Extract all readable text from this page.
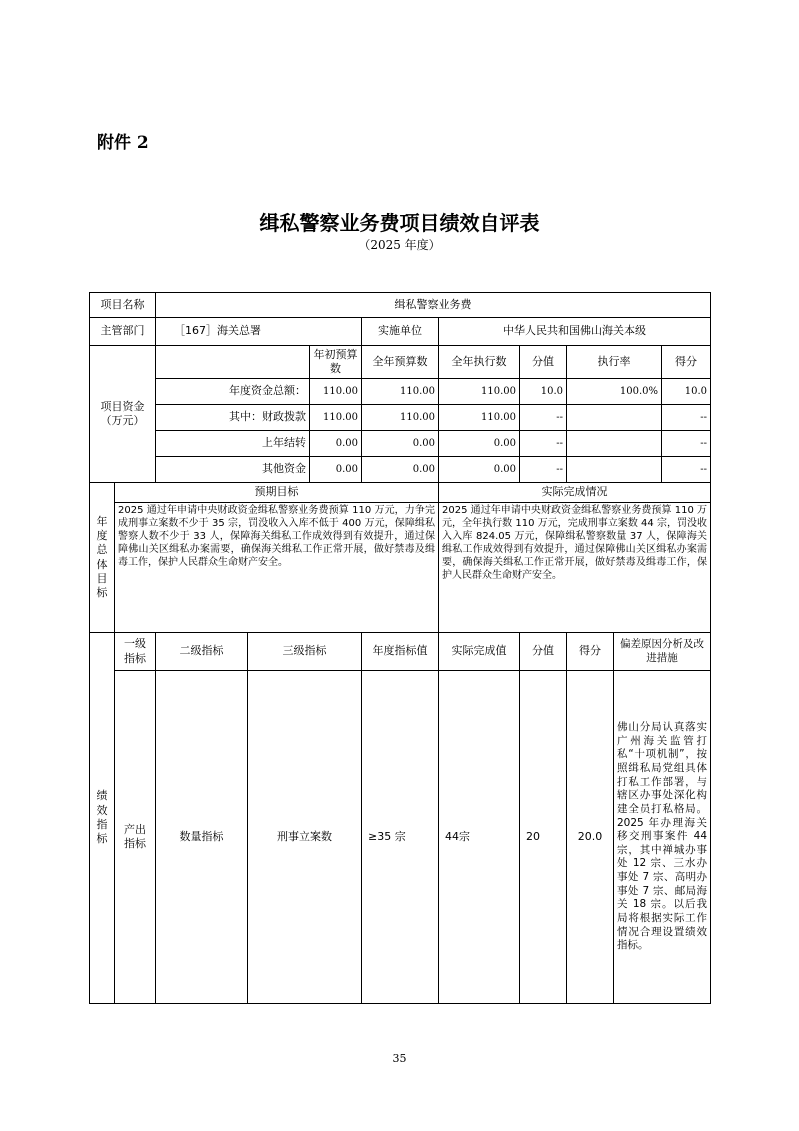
附件 2
缉私警察业务费项目绩效自评表
（2025 年度）
项目名称		缉私警察业务费								
主管部门		［167］海关总署			实施单位	中华人民共和国佛山海关本级				
项目资金（万元）				年初预算数	全年预算数	全年执行数	分值	执行率		得分
		年度资金总额：		110.00	110.00	110.00	10.0	100.0%		10.0
		其中：财政拨款		110.00	110.00	110.00	--			--
		上年结转		0.00	0.00	0.00	--			--
		其他资金		0.00	0.00	0.00	--			--

年度总体目标	预期目标					实际完成情况				
	2025 通过年申请中央财政资金缉私警察业务费预算 110 万元，力争完成刑事立案数不少于 35 宗，罚没收入入库不低于 400 万元，保障缉私警察人数不少于 33 人，保障海关缉私工作成效得到有效提升，通过保障佛山关区缉私办案需要，确保海关缉私工作正常开展，做好禁毒及缉毒工作，保护人民群众生命财产安全。					2025 通过年申请中央财政资金缉私警察业务费预算 110 万元，全年执行数 110 万元，完成刑事立案数 44 宗，罚没收入入库 824.05 万元，保障缉私警察数量 37 人，保障海关缉私工作成效得到有效提升，通过保障佛山关区缉私办案需要，确保海关缉私工作正常开展，做好禁毒及缉毒工作，保护人民群众生命财产安全。				

绩效指标	一级指标	二级指标	三级指标		年度指标值	实际完成值	分值	得分	偏差原因分析及改进措施	

	产出指标	数量指标	刑事立案数		≥35 宗	44宗	20	20.0	佛山分局认真落实广州海关监管打私“十项机制”，按照缉私局党组具体打私工作部署，与辖区办事处深化构建全员打私格局。2025 年办理海关移交刑事案件 44 宗，其中禅城办事处 12 宗、三水办事处 7 宗、高明办事处 7 宗、邮局海关 18 宗。以后我局将根据实际工作情况合理设置绩效指标。	
35
